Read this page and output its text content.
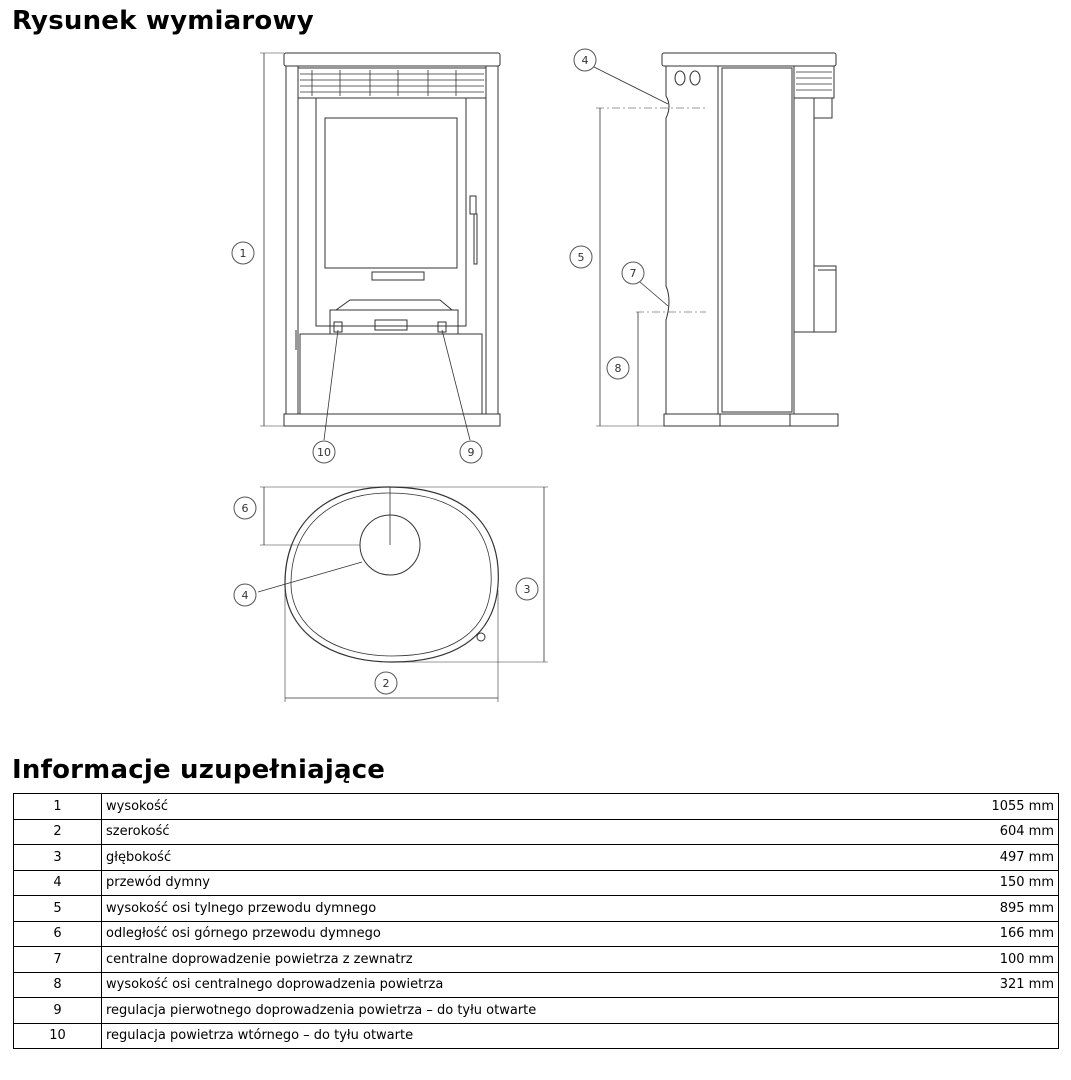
Rysunek wymiarowy
1
10	9
4
5
7
8
6
4	3
2
Informacje uzupełniające
1	wysokość	1055 mm
2	szerokość	604 mm
3	głębokość	497 mm
4	przewód dymny	150 mm
5	wysokość osi tylnego przewodu dymnego	895 mm
6	odległość osi górnego przewodu dymnego	166 mm
7	centralne doprowadzenie powietrza z zewnatrz	100 mm
8	wysokość osi centralnego doprowadzenia powietrza	321 mm
9	regulacja pierwotnego doprowadzenia powietrza – do tyłu otwarte	
10	regulacja powietrza wtórnego – do tyłu otwarte	
